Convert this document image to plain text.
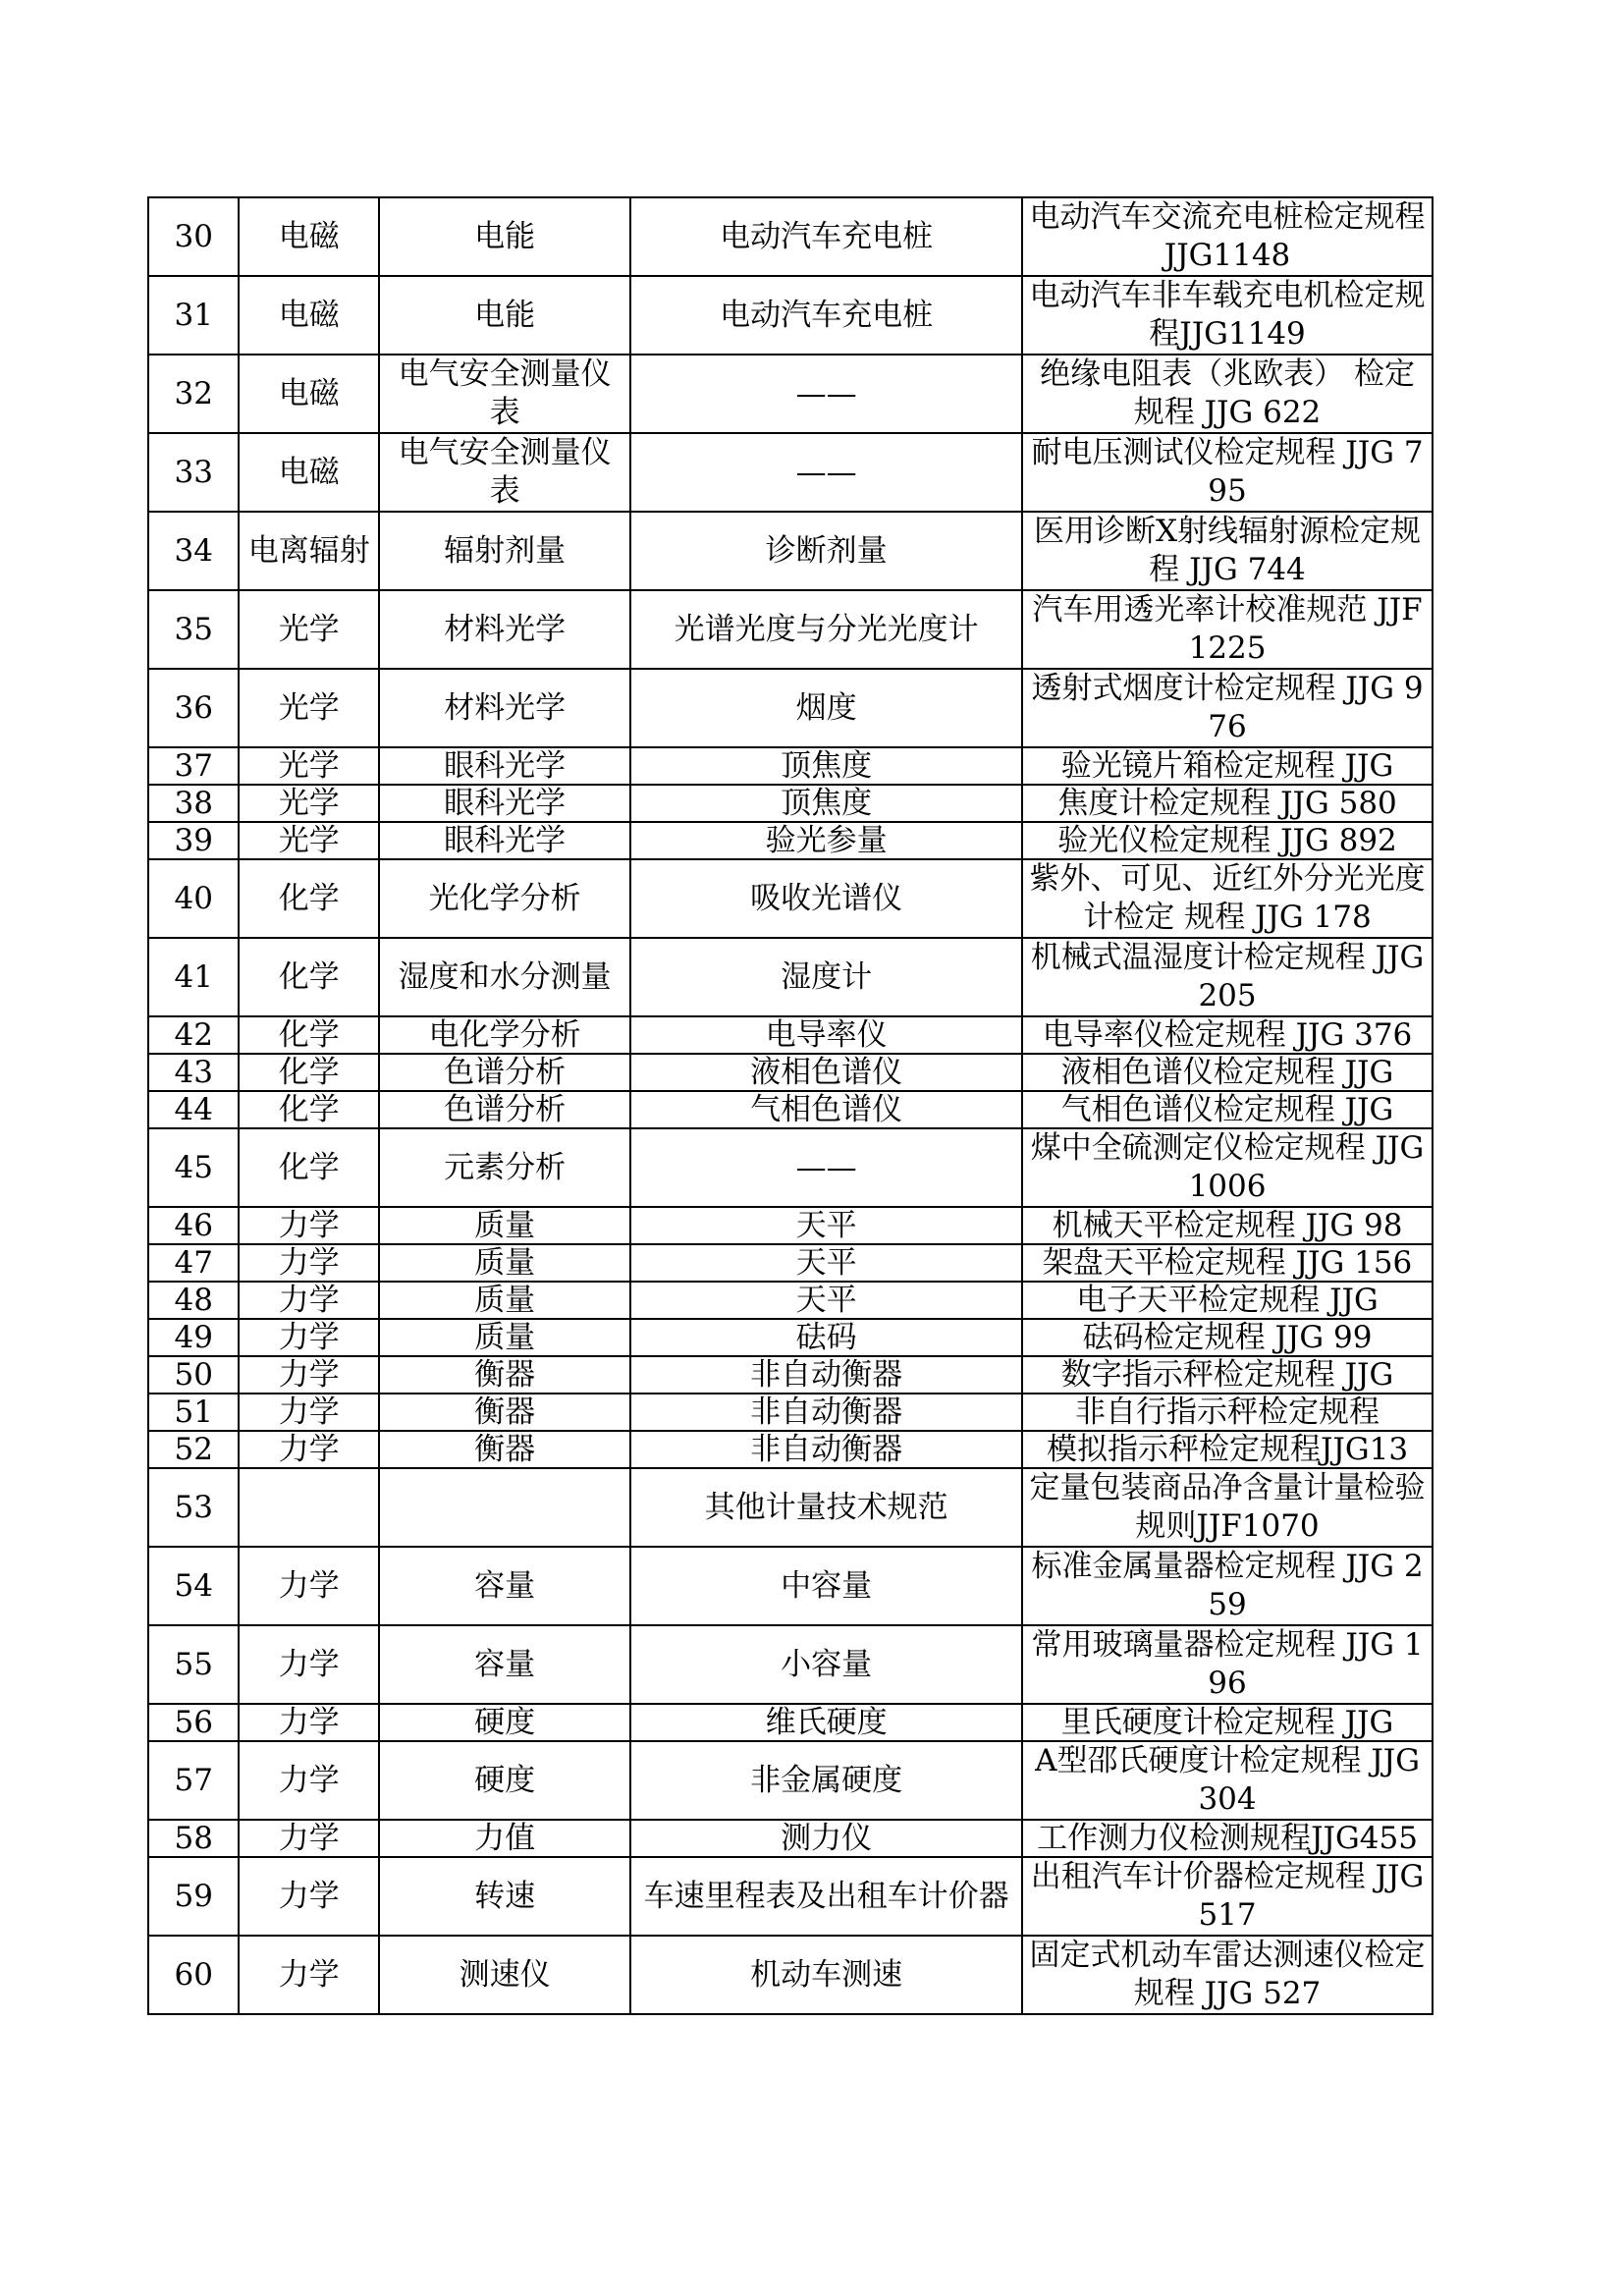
30	电磁	电能	电动汽车充电桩	电动汽车交流充电桩检定规程JJG1148
31	电磁	电能	电动汽车充电桩	电动汽车非车载充电机检定规程JJG1149
32	电磁	电气安全测量仪表	——	绝缘电阻表（兆欧表） 检定规程 JJG 622
33	电磁	电气安全测量仪表	——	耐电压测试仪检定规程 JJG 795
34	电离辐射	辐射剂量	诊断剂量	医用诊断X射线辐射源检定规程 JJG 744
35	光学	材料光学	光谱光度与分光光度计	汽车用透光率计校准规范 JJF 1225
36	光学	材料光学	烟度	透射式烟度计检定规程 JJG 976
37	光学	眼科光学	顶焦度	验光镜片箱检定规程 JJG
38	光学	眼科光学	顶焦度	焦度计检定规程 JJG 580
39	光学	眼科光学	验光参量	验光仪检定规程 JJG 892
40	化学	光化学分析	吸收光谱仪	紫外、可见、近红外分光光度计检定 规程 JJG 178
41	化学	湿度和水分测量	湿度计	机械式温湿度计检定规程 JJG 205
42	化学	电化学分析	电导率仪	电导率仪检定规程 JJG 376
43	化学	色谱分析	液相色谱仪	液相色谱仪检定规程 JJG
44	化学	色谱分析	气相色谱仪	气相色谱仪检定规程 JJG
45	化学	元素分析	——	煤中全硫测定仪检定规程 JJG 1006
46	力学	质量	天平	机械天平检定规程 JJG 98
47	力学	质量	天平	架盘天平检定规程 JJG 156
48	力学	质量	天平	电子天平检定规程 JJG
49	力学	质量	砝码	砝码检定规程 JJG 99
50	力学	衡器	非自动衡器	数字指示秤检定规程 JJG
51	力学	衡器	非自动衡器	非自行指示秤检定规程
52	力学	衡器	非自动衡器	模拟指示秤检定规程JJG13
53			其他计量技术规范	定量包装商品净含量计量检验规则JJF1070
54	力学	容量	中容量	标准金属量器检定规程 JJG 259
55	力学	容量	小容量	常用玻璃量器检定规程 JJG 196
56	力学	硬度	维氏硬度	里氏硬度计检定规程 JJG
57	力学	硬度	非金属硬度	A型邵氏硬度计检定规程 JJG 304
58	力学	力值	测力仪	工作测力仪检测规程JJG455
59	力学	转速	车速里程表及出租车计价器	出租汽车计价器检定规程 JJG 517
60	力学	测速仪	机动车测速	固定式机动车雷达测速仪检定规程 JJG 527
